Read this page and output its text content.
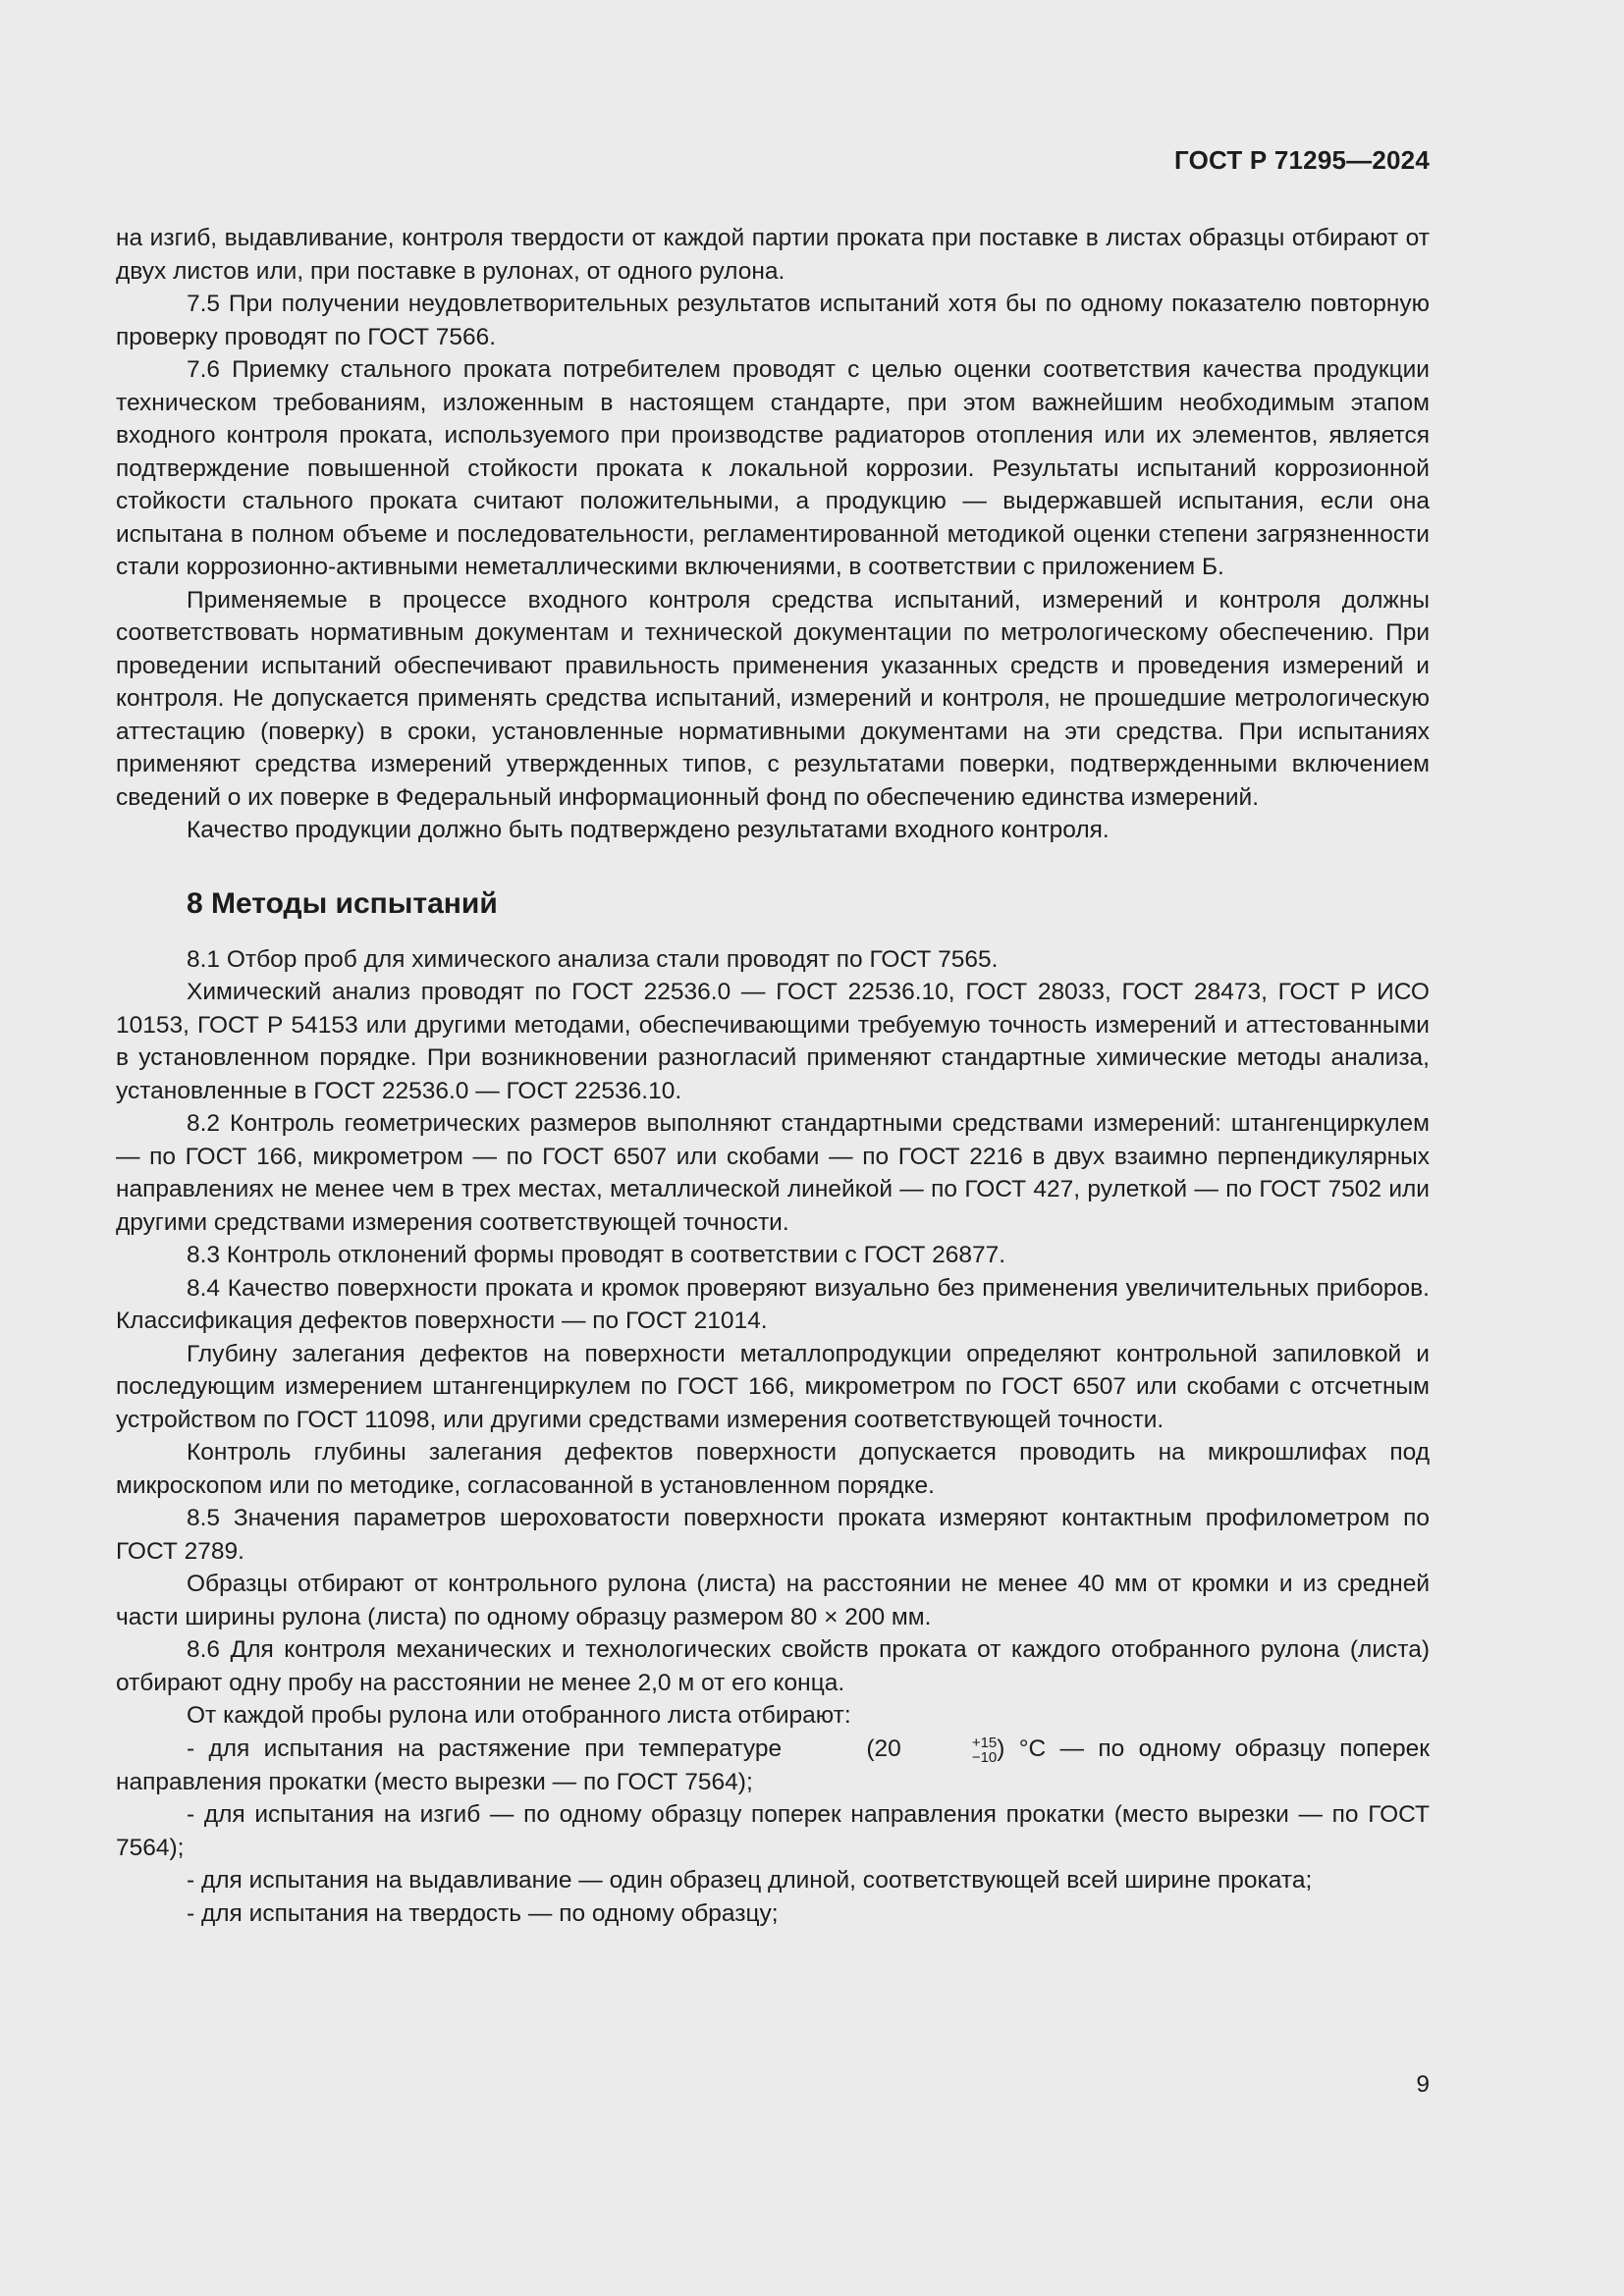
ГОСТ Р 71295—2024

на изгиб, выдавливание, контроля твердости от каждой партии проката при поставке в листах образцы отбирают от двух листов или, при поставке в рулонах, от одного рулона.

7.5 При получении неудовлетворительных результатов испытаний хотя бы по одному показателю повторную проверку проводят по ГОСТ 7566.

7.6 Приемку стального проката потребителем проводят с целью оценки соответствия качества продукции техническом требованиям, изложенным в настоящем стандарте, при этом важнейшим необходимым этапом входного контроля проката, используемого при производстве радиаторов отопления или их элементов, является подтверждение повышенной стойкости проката к локальной коррозии. Результаты испытаний коррозионной стойкости стального проката считают положительными, а продукцию — выдержавшей испытания, если она испытана в полном объеме и последовательности, регламентированной методикой оценки степени загрязненности стали коррозионно-активными неметаллическими включениями, в соответствии с приложением Б.

Применяемые в процессе входного контроля средства испытаний, измерений и контроля должны соответствовать нормативным документам и технической документации по метрологическому обеспечению. При проведении испытаний обеспечивают правильность применения указанных средств и проведения измерений и контроля. Не допускается применять средства испытаний, измерений и контроля, не прошедшие метрологическую аттестацию (поверку) в сроки, установленные нормативными документами на эти средства. При испытаниях применяют средства измерений утвержденных типов, с результатами поверки, подтвержденными включением сведений о их поверке в Федеральный информационный фонд по обеспечению единства измерений.

Качество продукции должно быть подтверждено результатами входного контроля.

8 Методы испытаний

8.1 Отбор проб для химического анализа стали проводят по ГОСТ 7565.

Химический анализ проводят по ГОСТ 22536.0 — ГОСТ 22536.10, ГОСТ 28033, ГОСТ 28473, ГОСТ Р ИСО 10153, ГОСТ Р 54153 или другими методами, обеспечивающими требуемую точность измерений и аттестованными в установленном порядке. При возникновении разногласий применяют стандартные химические методы анализа, установленные в ГОСТ 22536.0 — ГОСТ 22536.10.

8.2 Контроль геометрических размеров выполняют стандартными средствами измерений: штангенциркулем — по ГОСТ 166, микрометром — по ГОСТ 6507 или скобами — по ГОСТ 2216 в двух взаимно перпендикулярных направлениях не менее чем в трех местах, металлической линейкой — по ГОСТ 427, рулеткой — по ГОСТ 7502 или другими средствами измерения соответствующей точности.

8.3 Контроль отклонений формы проводят в соответствии с ГОСТ 26877.

8.4 Качество поверхности проката и кромок проверяют визуально без применения увеличительных приборов. Классификация дефектов поверхности — по ГОСТ 21014.

Глубину залегания дефектов на поверхности металлопродукции определяют контрольной запиловкой и последующим измерением штангенциркулем по ГОСТ 166, микрометром по ГОСТ 6507 или скобами с отсчетным устройством по ГОСТ 11098, или другими средствами измерения соответствующей точности.

Контроль глубины залегания дефектов поверхности допускается проводить на микрошлифах под микроскопом или по методике, согласованной в установленном порядке.

8.5 Значения параметров шероховатости поверхности проката измеряют контактным профилометром по ГОСТ 2789.

Образцы отбирают от контрольного рулона (листа) на расстоянии не менее 40 мм от кромки и из средней части ширины рулона (листа) по одному образцу размером 80 × 200 мм.

8.6 Для контроля механических и технологических свойств проката от каждого отобранного рулона (листа) отбирают одну пробу на расстоянии не менее 2,0 м от его конца.

От каждой пробы рулона или отобранного листа отбирают:

- для испытания на растяжение при температуре	(20	+15
−10 ) °С — по одному образцу поперек направления прокатки (место вырезки — по ГОСТ 7564);

- для испытания на изгиб — по одному образцу поперек направления прокатки (место вырезки — по ГОСТ 7564);

- для испытания на выдавливание — один образец длиной, соответствующей всей ширине проката;

- для испытания на твердость — по одному образцу;

9
